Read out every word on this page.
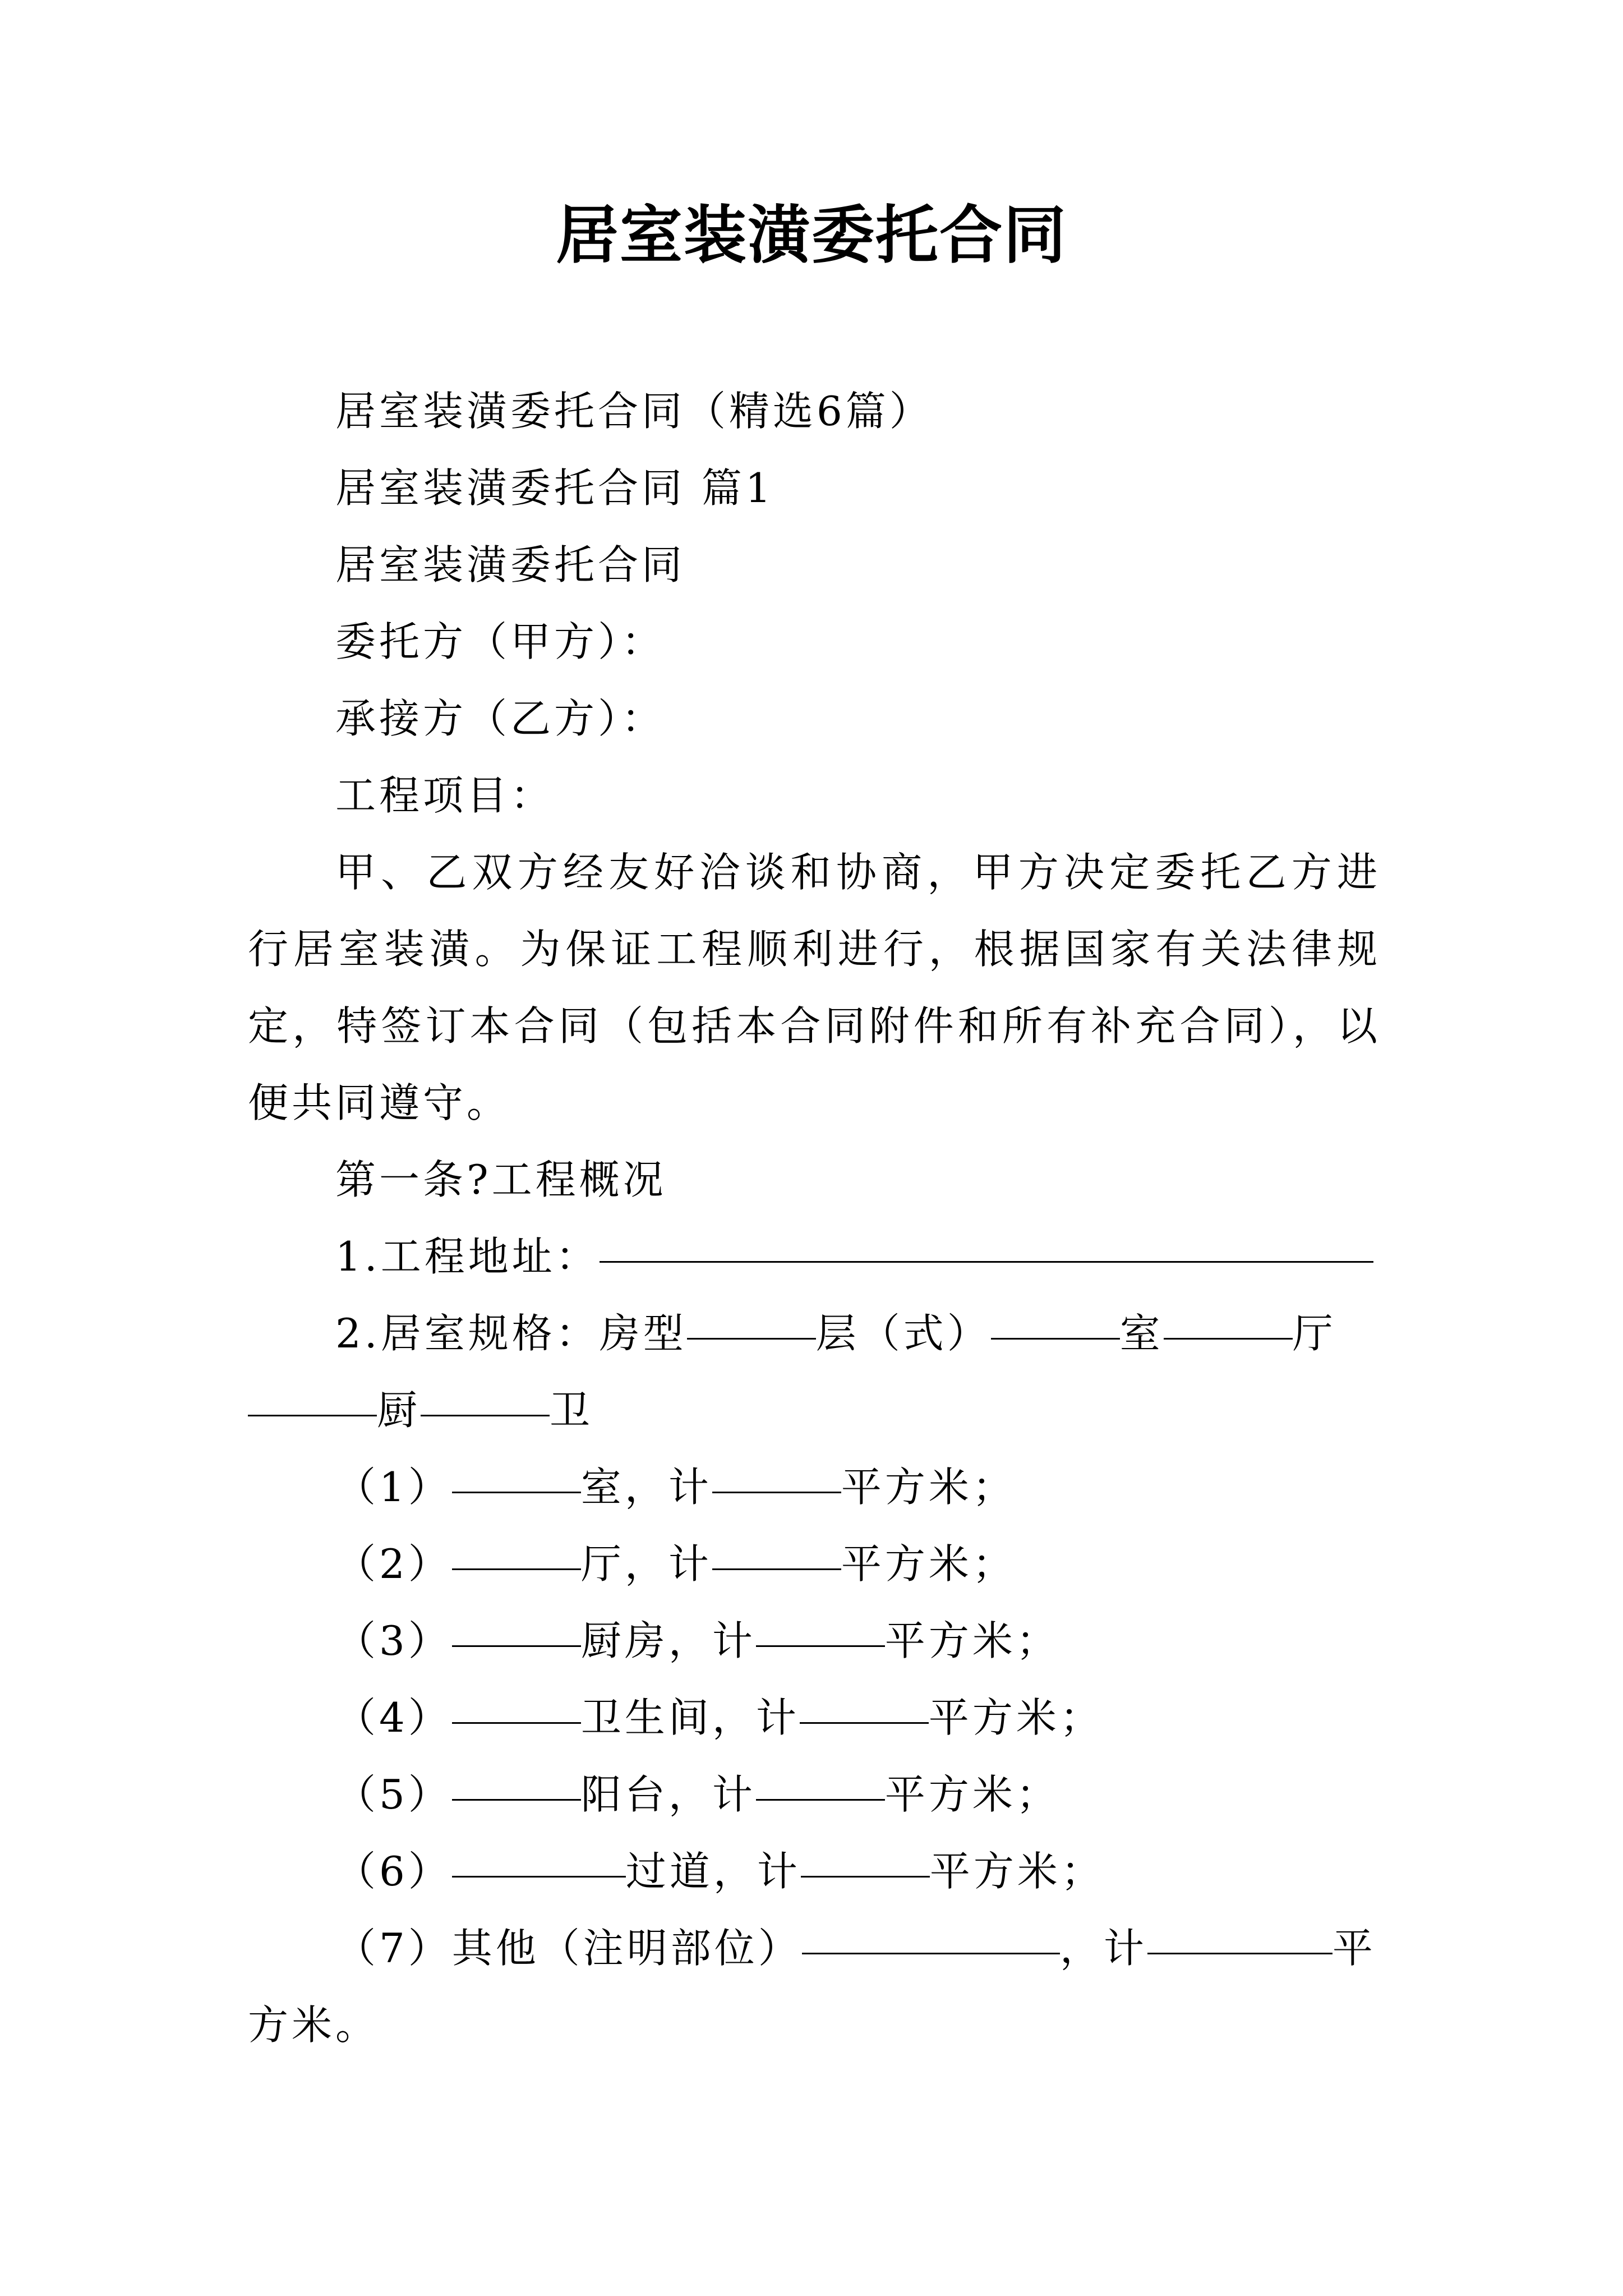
居室装潢委托合同

居室装潢委托合同（精选6篇）

居室装潢委托合同 篇1

居室装潢委托合同

委托方（甲方）：

承接方（乙方）：

工程项目：

甲、乙双方经友好洽谈和协商，甲方决定委托乙方进行居室装潢。为保证工程顺利进行，根据国家有关法律规定，特签订本合同（包括本合同附件和所有补充合同），以便共同遵守。

第一条?工程概况

1.工程地址：

2.居室规格：房型	层（式）	室	厅

厨	卫

（1）	室，计	平方米；

（2）	厅，计	平方米；

（3）	厨房，计	平方米；

（4）	卫生间，计	平方米；

（5）	阳台，计	平方米；

（6）	过道，计	平方米；

（7）其他（注明部位）	，计	平

方米。
